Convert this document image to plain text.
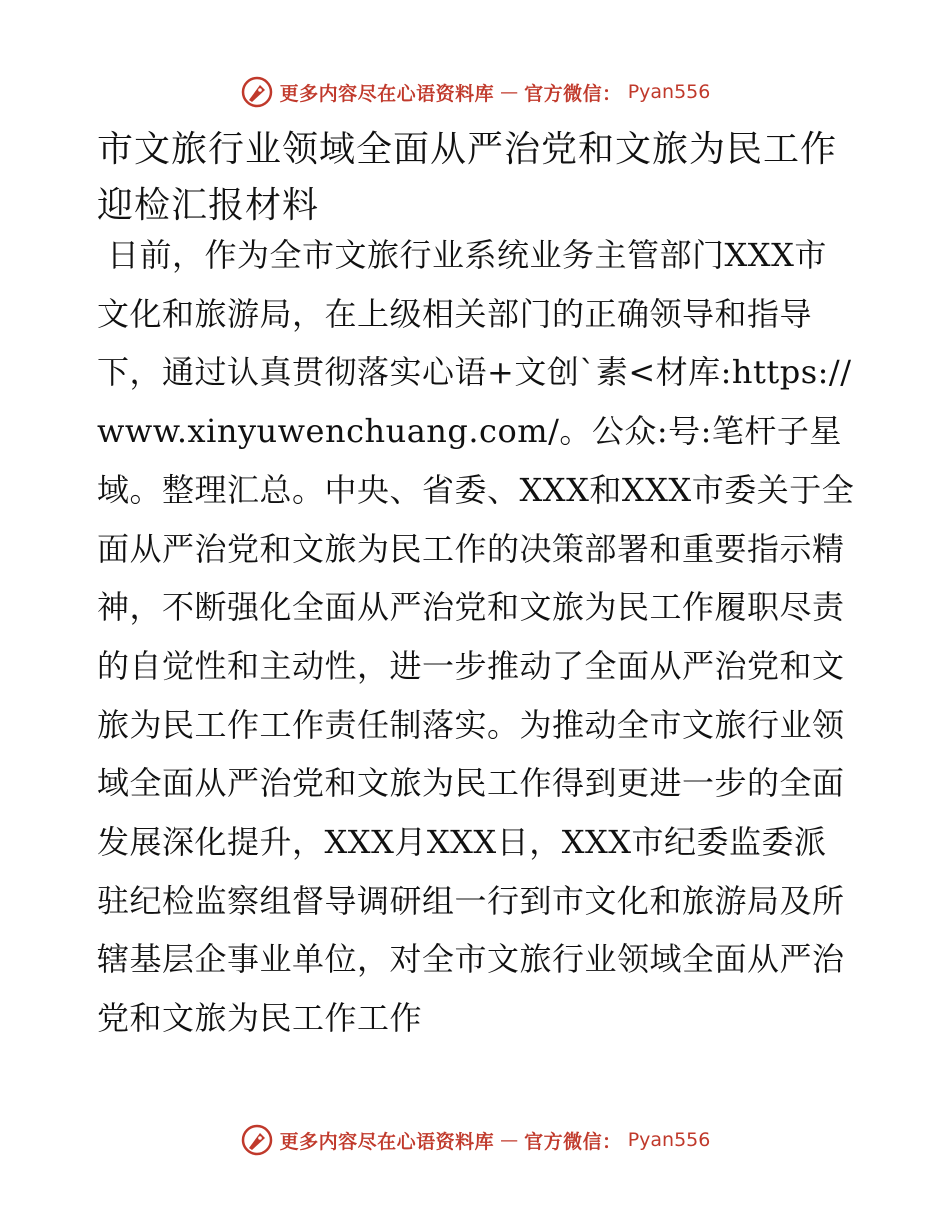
更多内容尽在心语资料库 — 官方微信： Pyan556
市文旅行业领域全面从严治党和文旅为民工作迎检汇报材料

日前，作为全市文旅行业系统业务主管部门XXX市文化和旅游局，在上级相关部门的正确领导和指导下，通过认真贯彻落实心语+文创`素<材库:https://www.xinyuwenchuang.com/。公众:号:笔杆子星域。整理汇总。中央、省委、XXX和XXX市委关于全面从严治党和文旅为民工作的决策部署和重要指示精神，不断强化全面从严治党和文旅为民工作履职尽责的自觉性和主动性，进一步推动了全面从严治党和文旅为民工作工作责任制落实。为推动全市文旅行业领域全面从严治党和文旅为民工作得到更进一步的全面发展深化提升，XXX月XXX日，XXX市纪委监委派驻纪检监察组督导调研组一行到市文化和旅游局及所辖基层企事业单位，对全市文旅行业领域全面从严治党和文旅为民工作工作

更多内容尽在心语资料库 — 官方微信： Pyan556
